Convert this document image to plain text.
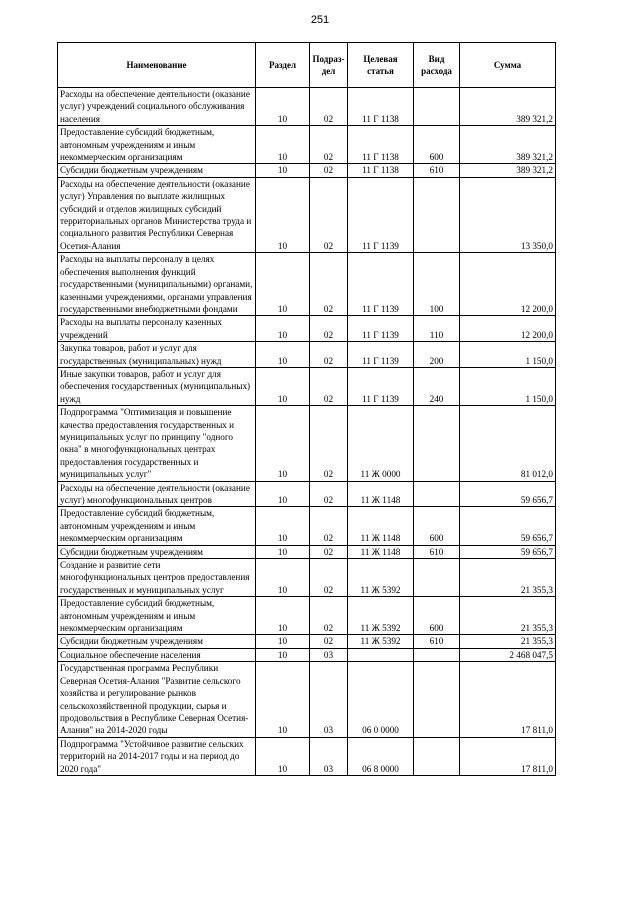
251
Наименование	Раздел	Подраз-дел	Целевая статья	Вид расхода	Сумма
Расходы на обеспечение деятельности (оказание услуг) учреждений социального обслуживания населения	10	02	11 Г 1138		389 321,2
Предоставление субсидий бюджетным, автономным учреждениям и иным некоммерческим организациям	10	02	11 Г 1138	600	389 321,2
Субсидии бюджетным учреждениям	10	02	11 Г 1138	610	389 321,2
Расходы на обеспечение деятельности (оказание услуг) Управления по выплате жилищных субсидий и отделов жилищных субсидий территориальных органов Министерства труда и социального развития Республики Северная Осетия-Алания	10	02	11 Г 1139		13 350,0
Расходы на выплаты персоналу в целях обеспечения выполнения функций государственными (муниципальными) органами, казенными учреждениями, органами управления государственными внебюджетными фондами	10	02	11 Г 1139	100	12 200,0
Расходы на выплаты персоналу казенных учреждений	10	02	11 Г 1139	110	12 200,0
Закупка товаров, работ и услуг для государственных (муниципальных) нужд	10	02	11 Г 1139	200	1 150,0
Иные закупки товаров, работ и услуг для обеспечения государственных (муниципальных) нужд	10	02	11 Г 1139	240	1 150,0
Подпрограмма "Оптимизация и повышение качества предоставления государственных и муниципальных услуг по принципу "одного окна" в многофункциональных центрах предоставления государственных и муниципальных услуг"	10	02	11 Ж 0000		81 012,0
Расходы на обеспечение деятельности (оказание услуг) многофункциональных центров	10	02	11 Ж 1148		59 656,7
Предоставление субсидий бюджетным, автономным учреждениям и иным некоммерческим организациям	10	02	11 Ж 1148	600	59 656,7
Субсидии бюджетным учреждениям	10	02	11 Ж 1148	610	59 656,7
Создание и развитие сети многофункциональных центров предоставления государственных и муниципальных услуг	10	02	11 Ж 5392		21 355,3
Предоставление субсидий бюджетным, автономным учреждениям и иным некоммерческим организациям	10	02	11 Ж 5392	600	21 355,3
Субсидии бюджетным учреждениям	10	02	11 Ж 5392	610	21 355,3
Социальное обеспечение населения	10	03			2 468 047,5
Государственная программа Республики Северная Осетия-Алания "Развитие сельского хозяйства и регулирование рынков сельскохозяйственной продукции, сырья и продовольствия в Республике Северная Осетия-Алания" на 2014-2020 годы	10	03	06 0 0000		17 811,0
Подпрограмма "Устойчивое развитие сельских территорий на 2014-2017 годы и на период до 2020 года"	10	03	06 8 0000		17 811,0
